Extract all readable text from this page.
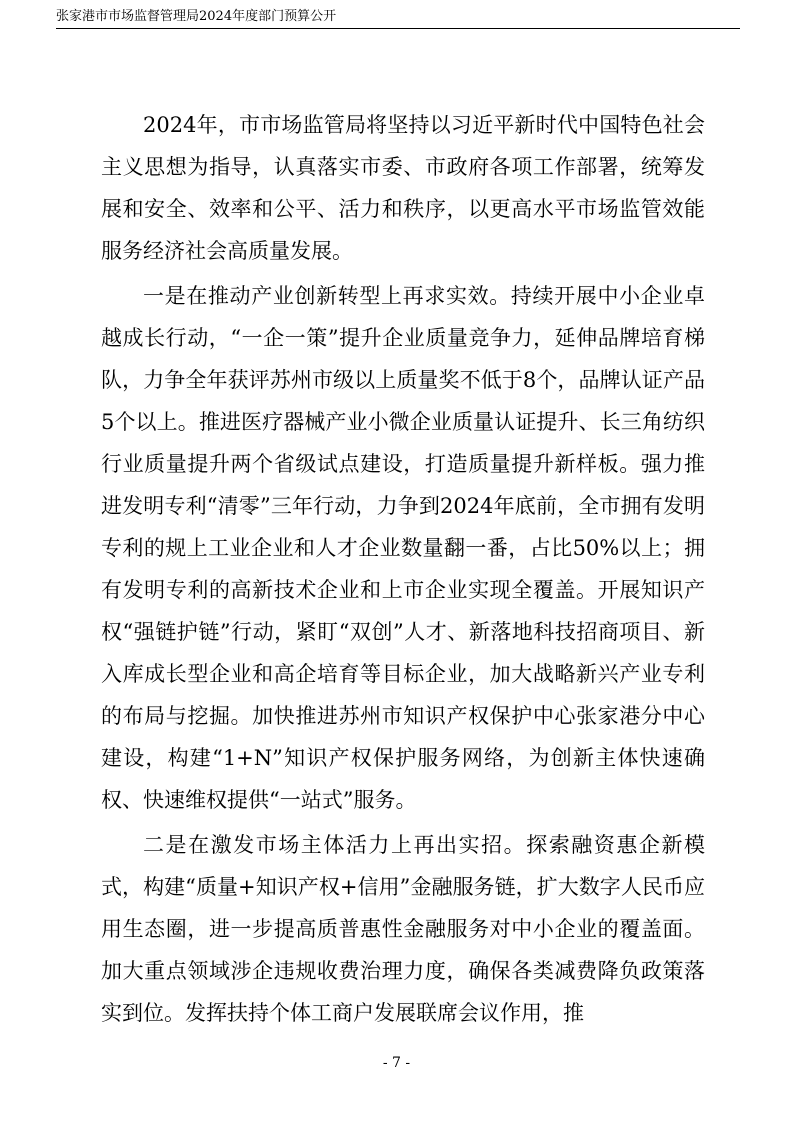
张家港市市场监督管理局2024年度部门预算公开

2024年，市市场监管局将坚持以习近平新时代中国特色社会主义思想为指导，认真落实市委、市政府各项工作部署，统筹发展和安全、效率和公平、活力和秩序，以更高水平市场监管效能服务经济社会高质量发展。

一是在推动产业创新转型上再求实效。持续开展中小企业卓越成长行动，“一企一策”提升企业质量竞争力，延伸品牌培育梯队，力争全年获评苏州市级以上质量奖不低于8个，品牌认证产品5个以上。推进医疗器械产业小微企业质量认证提升、长三角纺织行业质量提升两个省级试点建设，打造质量提升新样板。强力推进发明专利“清零”三年行动，力争到2024年底前，全市拥有发明专利的规上工业企业和人才企业数量翻一番，占比50%以上；拥有发明专利的高新技术企业和上市企业实现全覆盖。开展知识产权“强链护链”行动，紧盯“双创”人才、新落地科技招商项目、新入库成长型企业和高企培育等目标企业，加大战略新兴产业专利的布局与挖掘。加快推进苏州市知识产权保护中心张家港分中心建设，构建“1+N”知识产权保护服务网络，为创新主体快速确权、快速维权提供“一站式”服务。

二是在激发市场主体活力上再出实招。探索融资惠企新模式，构建“质量+知识产权+信用”金融服务链，扩大数字人民币应用生态圈，进一步提高质普惠性金融服务对中小企业的覆盖面。加大重点领域涉企违规收费治理力度，确保各类减费降负政策落实到位。发挥扶持个体工商户发展联席会议作用，推

- 7 -
